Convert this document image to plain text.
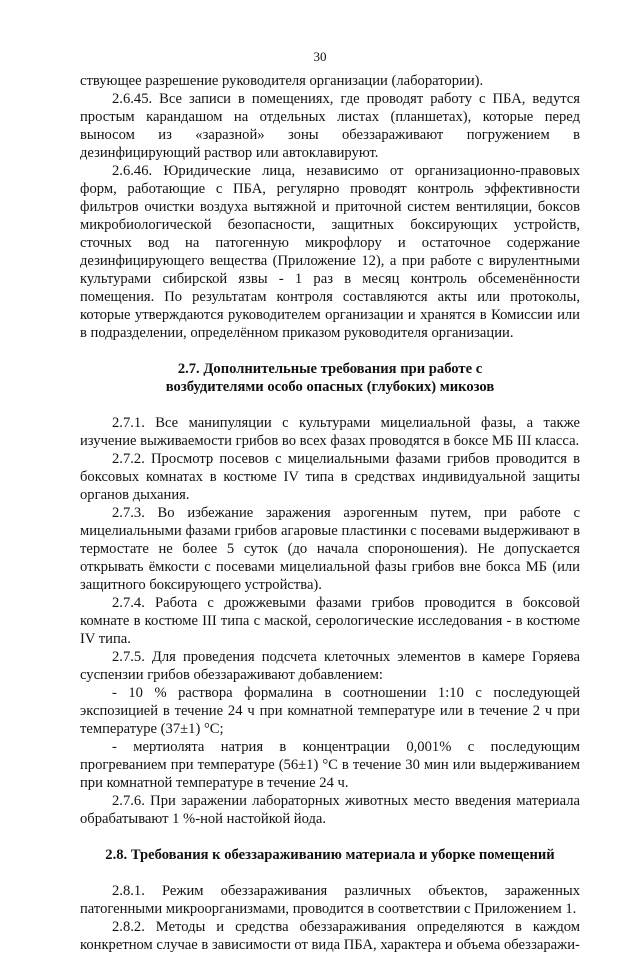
30

ствующее разрешение руководителя организации (лаборатории).

2.6.45. Все записи в помещениях, где проводят работу с ПБА, ведутся простым карандашом на отдельных листах (планшетах), которые перед выносом из «заразной» зоны обеззараживают погружением в дезинфицирующий раствор или автоклавируют.

2.6.46. Юридические лица, независимо от организационно-правовых форм, работающие с ПБА, регулярно проводят контроль эффективности фильтров очистки воздуха вытяжной и приточной систем вентиляции, боксов микробиологической безопасности, защитных боксирующих устройств, сточных вод на патогенную микрофлору и остаточное содержание дезинфицирующего вещества (Приложение 12), а при работе с вирулентными культурами сибирской язвы - 1 раз в месяц контроль обсеменённости помещения. По результатам контроля составляются акты или протоколы, которые утверждаются руководителем организации и хранятся в Комиссии или в подразделении, определённом приказом руководителя организации.

2.7. Дополнительные требования при работе с
возбудителями особо опасных (глубоких) микозов

2.7.1. Все манипуляции с культурами мицелиальной фазы, а также изучение выживаемости грибов во всех фазах проводятся в боксе МБ III класса.

2.7.2. Просмотр посевов с мицелиальными фазами грибов проводится в боксовых комнатах в костюме IV типа в средствах индивидуальной защиты органов дыхания.

2.7.3. Во избежание заражения аэрогенным путем, при работе с мицелиальными фазами грибов агаровые пластинки с посевами выдерживают в термостате не более 5 суток (до начала спороношения). Не допускается открывать ёмкости с посевами мицелиальной фазы грибов вне бокса МБ (или защитного боксирующего устройства).

2.7.4. Работа с дрожжевыми фазами грибов проводится в боксовой комнате в костюме III типа с маской, серологические исследования - в костюме IV типа.

2.7.5. Для проведения подсчета клеточных элементов в камере Горяева суспензии грибов обеззараживают добавлением:

- 10 % раствора формалина в соотношении 1:10 с последующей экспозицией в течение 24 ч при комнатной температуре или в течение 2 ч при температуре (37±1) °С;

- мертиолята натрия в концентрации 0,001% с последующим прогреванием при температуре (56±1) °С в течение 30 мин или выдерживанием при комнатной температуре в течение 24 ч.

2.7.6. При заражении лабораторных животных место введения материала обрабатывают 1 %-ной настойкой йода.

2.8. Требования к обеззараживанию материала и уборке помещений

2.8.1. Режим обеззараживания различных объектов, зараженных патогенными микроорганизмами, проводится в соответствии с Приложением 1.

2.8.2. Методы и средства обеззараживания определяются в каждом конкретном случае в зависимости от вида ПБА, характера и объема обеззаражи-
